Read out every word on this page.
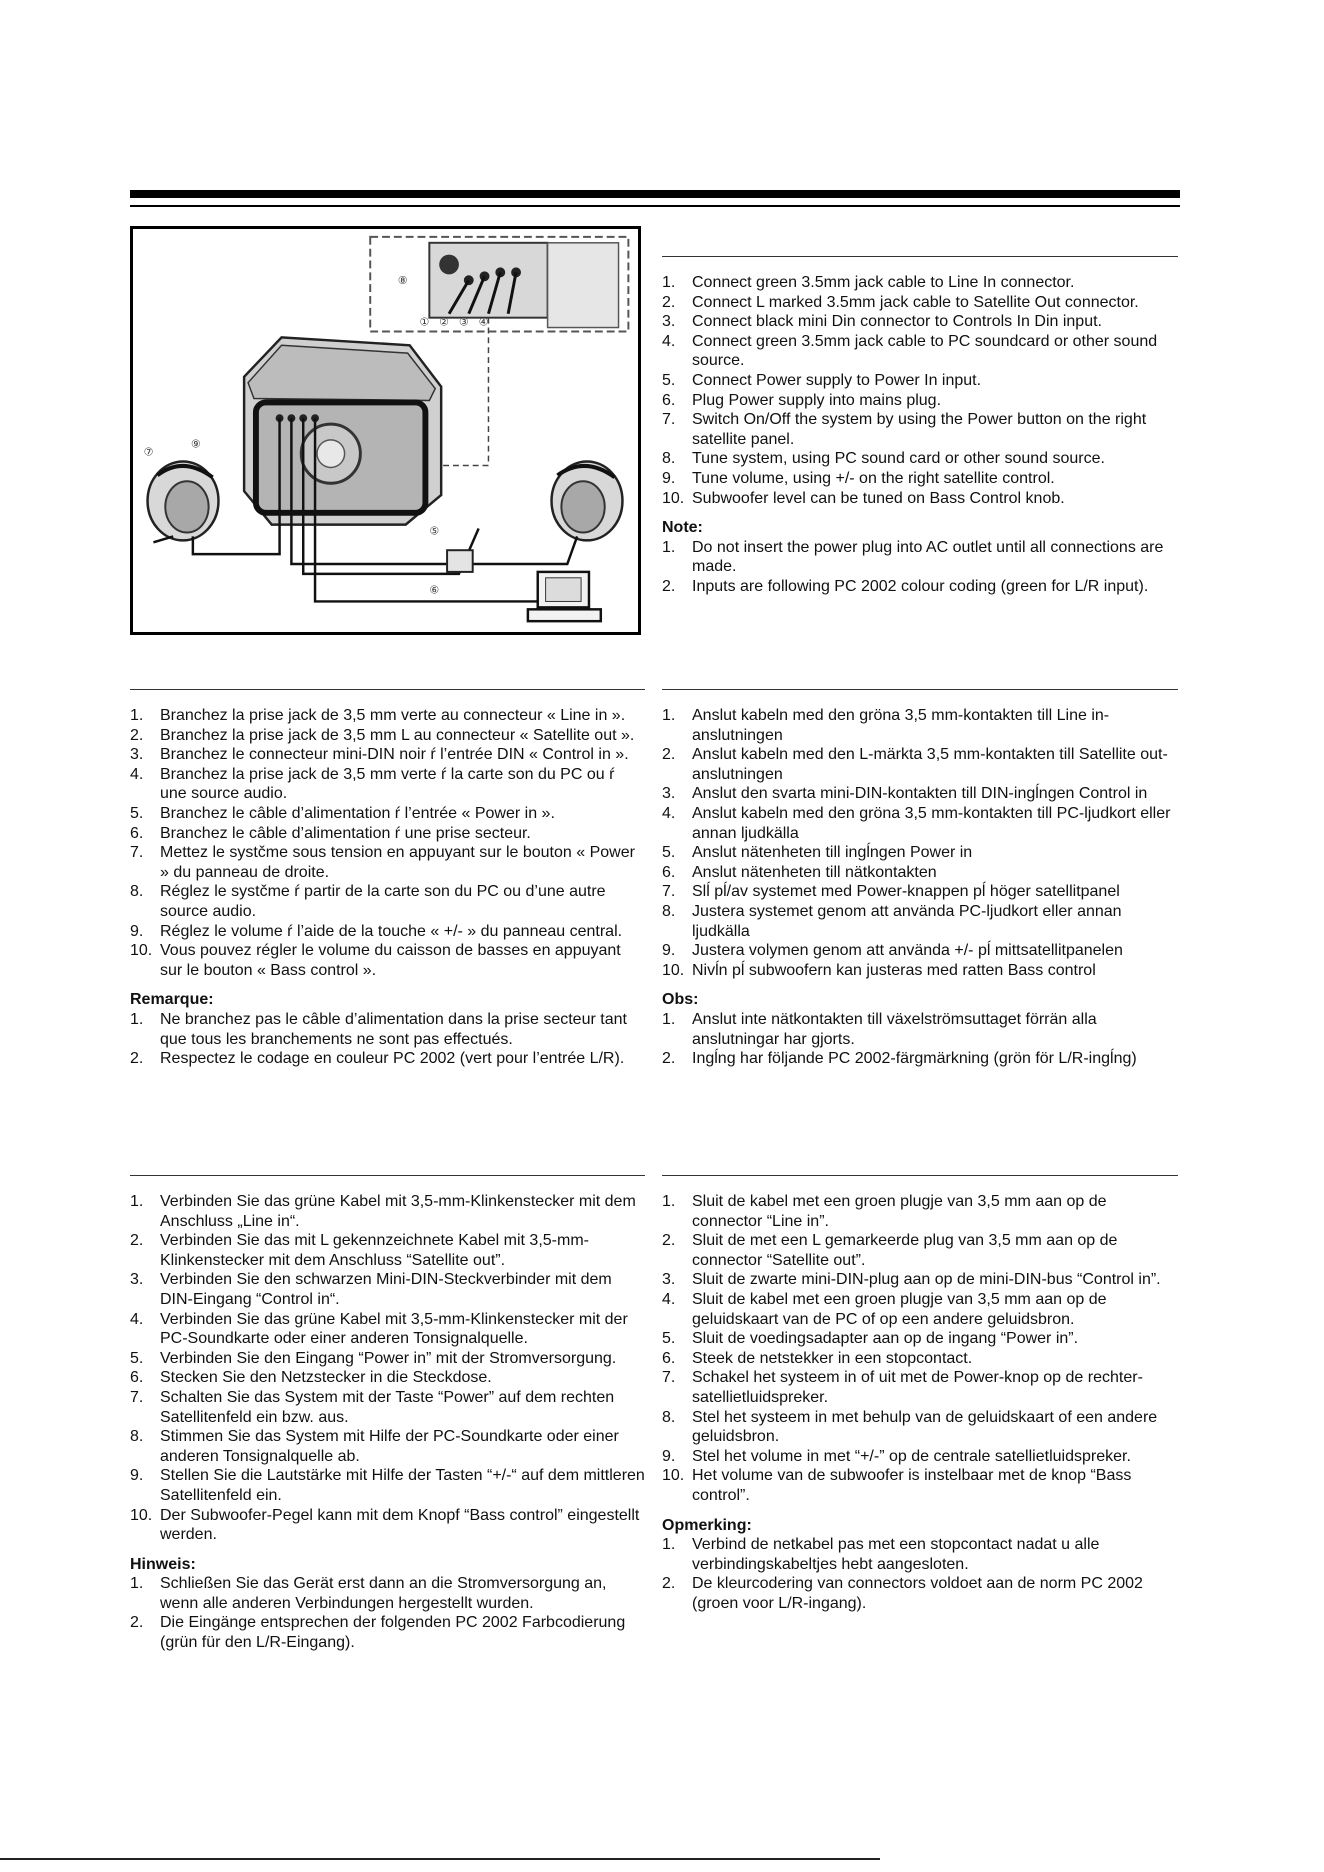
⑧
① ② ③ ④
⑦
⑨
⑤
⑥
1. Connect green 3.5mm jack cable to Line In connector.
2. Connect L marked 3.5mm jack cable to Satellite Out connector.
3. Connect black mini Din connector to Controls In Din input.
4. Connect green 3.5mm jack cable to PC soundcard or other sound source.
5. Connect Power supply to Power In input.
6. Plug Power supply into mains plug.
7. Switch On/Off the system by using the Power button on the right satellite panel.
8. Tune system, using PC sound card or other sound source.
9. Tune volume, using +/- on the right satellite control.
10. Subwoofer level can be tuned on Bass Control knob.
Note:
1. Do not insert the power plug into AC outlet until all connections are made.
2. Inputs are following PC 2002 colour coding (green for L/R input).
1. Branchez la prise jack de 3,5 mm verte au connecteur « Line in ».
2. Branchez la prise jack de 3,5 mm L au connecteur « Satellite out ».
3. Branchez le connecteur mini-DIN noir ŕ l’entrée DIN « Control in ».
4. Branchez la prise jack de 3,5 mm verte ŕ la carte son du PC ou ŕ une source audio.
5. Branchez le câble d’alimentation ŕ l’entrée « Power in ».
6. Branchez le câble d’alimentation ŕ une prise secteur.
7. Mettez le systčme sous tension en appuyant sur le bouton « Power » du panneau de droite.
8. Réglez le systčme ŕ partir de la carte son du PC ou d’une autre source audio.
9. Réglez le volume ŕ l’aide de la touche « +/- » du panneau central.
10. Vous pouvez régler le volume du caisson de basses en appuyant sur le bouton « Bass control ».
Remarque:
1. Ne branchez pas le câble d’alimentation dans la prise secteur tant que tous les branchements ne sont pas effectués.
2. Respectez le codage en couleur PC 2002 (vert pour l’entrée L/R).
1. Anslut kabeln med den gröna 3,5 mm-kontakten till Line in-anslutningen
2. Anslut kabeln med den L-märkta 3,5 mm-kontakten till Satellite out-anslutningen
3. Anslut den svarta mini-DIN-kontakten till DIN-ingĺngen Control in
4. Anslut kabeln med den gröna 3,5 mm-kontakten till PC-ljudkort eller annan ljudkälla
5. Anslut nätenheten till ingĺngen Power in
6. Anslut nätenheten till nätkontakten
7. Slĺ pĺ/av systemet med Power-knappen pĺ höger satellitpanel
8. Justera systemet genom att använda PC-ljudkort eller annan ljudkälla
9. Justera volymen genom att använda +/- pĺ mittsatellitpanelen
10. Nivĺn pĺ subwoofern kan justeras med ratten Bass control
Obs:
1. Anslut inte nätkontakten till växelströmsuttaget förrän alla anslutningar har gjorts.
2. Ingĺng har följande PC 2002-färgmärkning (grön för L/R-ingĺng)
1. Verbinden Sie das grüne Kabel mit 3,5-mm-Klinkenstecker mit dem Anschluss „Line in“.
2. Verbinden Sie das mit L gekennzeichnete Kabel mit 3,5-mm-Klinkenstecker mit dem Anschluss “Satellite out”.
3. Verbinden Sie den schwarzen Mini-DIN-Steckverbinder mit dem DIN-Eingang “Control in“.
4. Verbinden Sie das grüne Kabel mit 3,5-mm-Klinkenstecker mit der PC-Soundkarte oder einer anderen Tonsignalquelle.
5. Verbinden Sie den Eingang “Power in” mit der Stromversorgung.
6. Stecken Sie den Netzstecker in die Steckdose.
7. Schalten Sie das System mit der Taste “Power” auf dem rechten Satellitenfeld ein bzw. aus.
8. Stimmen Sie das System mit Hilfe der PC-Soundkarte oder einer anderen Tonsignalquelle ab.
9. Stellen Sie die Lautstärke mit Hilfe der Tasten “+/-“ auf dem mittleren Satellitenfeld ein.
10. Der Subwoofer-Pegel kann mit dem Knopf “Bass control” eingestellt werden.
Hinweis:
1. Schließen Sie das Gerät erst dann an die Stromversorgung an, wenn alle anderen Verbindungen hergestellt wurden.
2. Die Eingänge entsprechen der folgenden PC 2002 Farbcodierung (grün für den L/R-Eingang).
1. Sluit de kabel met een groen plugje van 3,5 mm aan op de connector “Line in”.
2. Sluit de met een L gemarkeerde plug van 3,5 mm aan op de connector “Satellite out”.
3. Sluit de zwarte mini-DIN-plug aan op de mini-DIN-bus “Control in”.
4. Sluit de kabel met een groen plugje van 3,5 mm aan op de geluidskaart van de PC of op een andere geluidsbron.
5. Sluit de voedingsadapter aan op de ingang “Power in”.
6. Steek de netstekker in een stopcontact.
7. Schakel het systeem in of uit met de Power-knop op de rechter-satellietluidspreker.
8. Stel het systeem in met behulp van de geluidskaart of een andere geluidsbron.
9. Stel het volume in met “+/-” op de centrale satellietluidspreker.
10. Het volume van de subwoofer is instelbaar met de knop “Bass control”.
Opmerking:
1. Verbind de netkabel pas met een stopcontact nadat u alle verbindingskabeltjes hebt aangesloten.
2. De kleurcodering van connectors voldoet aan de norm PC 2002 (groen voor L/R-ingang).
